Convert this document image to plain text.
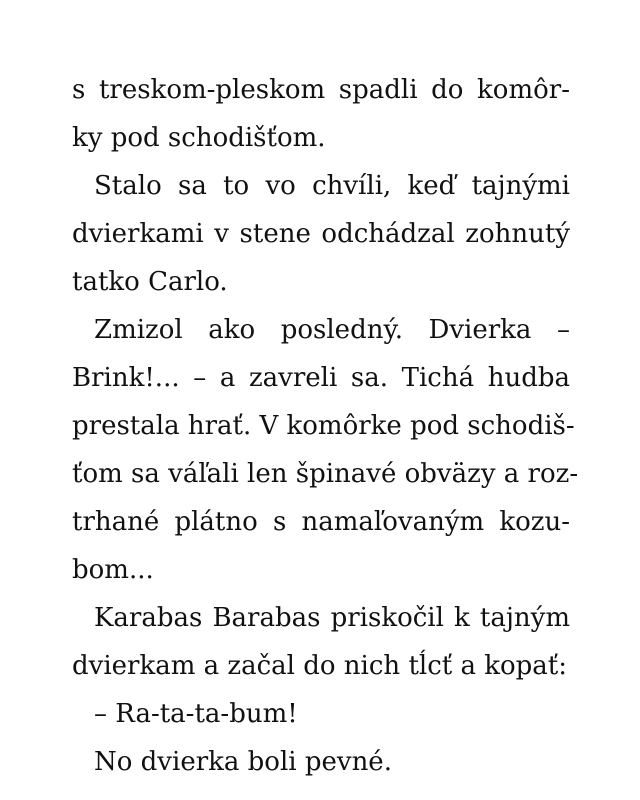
s treskom-pleskom spadli do komôr-
ky pod schodišťom.
Stalo sa to vo chvíli, keď tajnými
dvierkami v stene odchádzal zohnutý
tatko Carlo.
Zmizol ako posledný. Dvierka –
Brink!... – a zavreli sa. Tichá hudba
prestala hrať. V komôrke pod schodiš-
ťom sa váľali len špinavé obväzy a roz-
trhané plátno s namaľovaným kozu-
bom...
Karabas Barabas priskočil k tajným
dvierkam a začal do nich tĺcť a kopať:
– Ra-ta-ta-bum!
No dvierka boli pevné.
